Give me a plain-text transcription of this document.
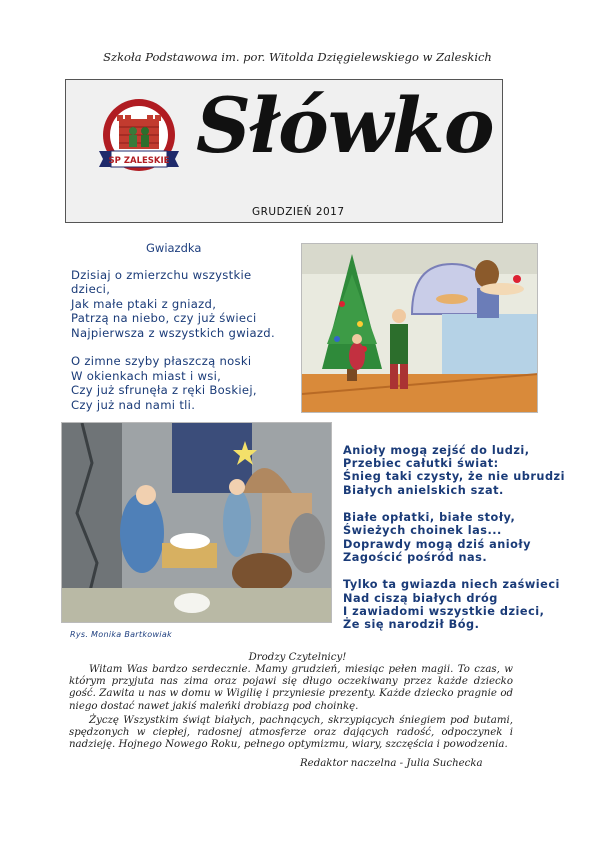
Szkoła Podstawowa im. por. Witolda Dzięgielewskiego w Zaleskich
SP ZALESKIE Słówko
GRUDZIEŃ 2017
Gwiazdka
Dzisiaj o zmierzchu wszystkie
dzieci,
Jak małe ptaki z gniazd,
Patrzą na niebo, czy już świeci
Najpierwsza z wszystkich gwiazd.
O zimne szyby płaszczą noski
W okienkach miast i wsi,
Czy już sfrunęła z ręki Boskiej,
Czy już nad nami tli.
Anioły mogą zejść do ludzi,
Przebiec całutki świat:
Śnieg taki czysty, że nie ubrudzi
Białych anielskich szat.
Białe opłatki, białe stoły,
Świeżych choinek las...
Doprawdy mogą dziś anioły
Zagościć pośród nas.
Tylko ta gwiazda niech zaświeci
Nad ciszą białych dróg
I zawiadomi wszystkie dzieci,
Że się narodził Bóg.
Rys. Monika Bartkowiak
Drodzy Czytelnicy!
Witam Was bardzo serdecznie. Mamy grudzień, miesiąc pełen magii. To czas, w którym przyjuta nas zima oraz pojawi się długo oczekiwany przez każde dziecko gość. Zawita u nas w domu w Wigilię i przyniesie prezenty. Każde dziecko pragnie od niego dostać nawet jakiś maleńki drobiazg pod choinkę.
Życzę Wszystkim świąt białych, pachnących, skrzypiących śniegiem pod butami, spędzonych w ciepłej, radosnej atmosferze oraz dających radość, odpoczynek i nadzieję. Hojnego Nowego Roku, pełnego optymizmu, wiary, szczęścia i powodzenia.
Redaktor naczelna - Julia Suchecka
